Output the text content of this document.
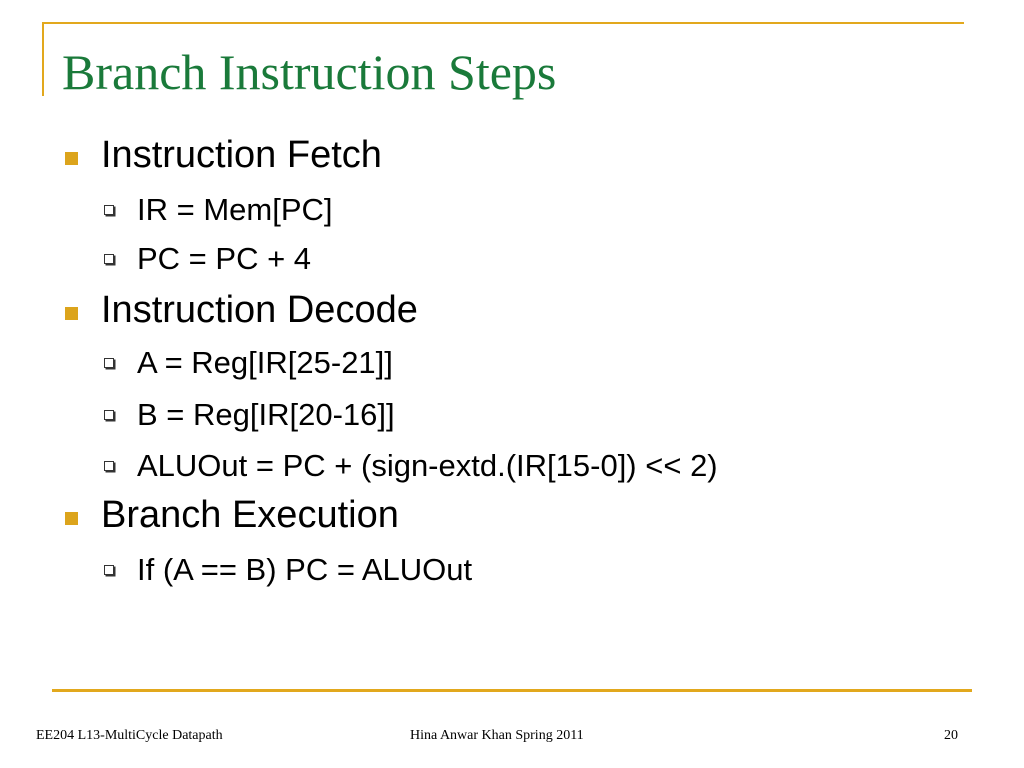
Branch Instruction Steps
Instruction Fetch
IR = Mem[PC]
PC = PC + 4
Instruction Decode
A = Reg[IR[25-21]]
B = Reg[IR[20-16]]
ALUOut = PC + (sign-extd.(IR[15-0]) << 2)
Branch Execution
If (A == B) PC = ALUOut
EE204 L13-MultiCycle Datapath	Hina Anwar Khan Spring 2011	20
